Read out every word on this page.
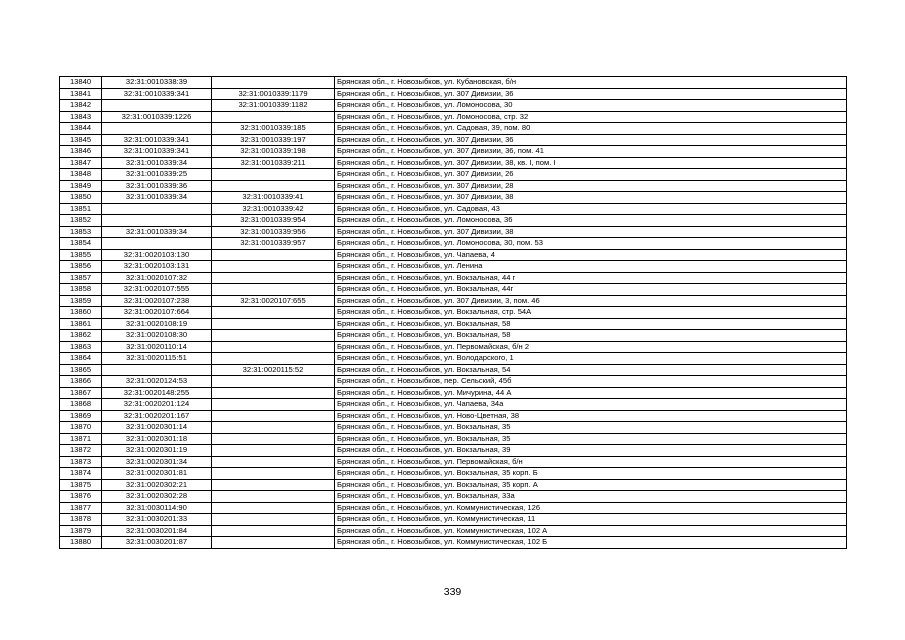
13840	32:31:0010338:39		Брянская обл., г. Новозыбков, ул. Кубановская, б/н
13841	32:31:0010339:341	32:31:0010339:1179	Брянская обл., г. Новозыбков, ул. 307 Дивизии, 36
13842		32:31:0010339:1182	Брянская обл., г. Новозыбков, ул. Ломоносова, 30
13843	32:31:0010339:1226		Брянская обл., г. Новозыбков, ул. Ломоносова, стр. 32
13844		32:31:0010339:185	Брянская обл., г. Новозыбков, ул. Садовая, 39, пом. 80
13845	32:31:0010339:341	32:31:0010339:197	Брянская обл., г. Новозыбков, ул. 307 Дивизии, 36
13846	32:31:0010339:341	32:31:0010339:198	Брянская обл., г. Новозыбков, ул. 307 Дивизии, 36, пом. 41
13847	32:31:0010339:34	32:31:0010339:211	Брянская обл., г. Новозыбков, ул. 307 Дивизии, 38, кв. I, пом. I
13848	32:31:0010339:25		Брянская обл., г. Новозыбков, ул. 307 Дивизии, 26
13849	32:31:0010339:36		Брянская обл., г. Новозыбков, ул. 307 Дивизии, 28
13850	32:31:0010339:34	32:31:0010339:41	Брянская обл., г. Новозыбков, ул. 307 Дивизии, 38
13851		32:31:0010339:42	Брянская обл., г. Новозыбков, ул. Садовая, 43
13852		32:31:0010339:954	Брянская обл., г. Новозыбков, ул. Ломоносова, 36
13853	32:31:0010339:34	32:31:0010339:956	Брянская обл., г. Новозыбков, ул. 307 Дивизии, 38
13854		32:31:0010339:957	Брянская обл., г. Новозыбков, ул. Ломоносова, 30, пом. 53
13855	32:31:0020103:130		Брянская обл., г. Новозыбков, ул. Чапаева, 4
13856	32:31:0020103:131		Брянская обл., г. Новозыбков, ул. Ленина
13857	32:31:0020107:32		Брянская обл., г. Новозыбков, ул. Вокзальная, 44 г
13858	32:31:0020107:555		Брянская обл., г. Новозыбков, ул. Вокзальная, 44г
13859	32:31:0020107:238	32:31:0020107:655	Брянская обл., г. Новозыбков, ул. 307 Дивизии, 3, пом. 46
13860	32:31:0020107:664		Брянская обл., г. Новозыбков, ул. Вокзальная, стр. 54А
13861	32:31:0020108:19		Брянская обл., г. Новозыбков, ул. Вокзальная, 58
13862	32:31:0020108:30		Брянская обл., г. Новозыбков, ул. Вокзальная, 58
13863	32:31:0020110:14		Брянская обл., г. Новозыбков, ул. Первомайская, б/н 2
13864	32:31:0020115:51		Брянская обл., г. Новозыбков, ул. Володарского, 1
13865		32:31:0020115:52	Брянская обл., г. Новозыбков, ул. Вокзальная, 54
13866	32:31:0020124:53		Брянская обл., г. Новозыбков, пер. Сельский, 45б
13867	32:31:0020148:255		Брянская обл., г. Новозыбков, ул. Мичурина, 44 А
13868	32:31:0020201:124		Брянская обл., г. Новозыбков, ул. Чапаева, 34а
13869	32:31:0020201:167		Брянская обл., г. Новозыбков, ул. Ново-Цветная, 38
13870	32:31:0020301:14		Брянская обл., г. Новозыбков, ул. Вокзальная, 35
13871	32:31:0020301:18		Брянская обл., г. Новозыбков, ул. Вокзальная, 35
13872	32:31:0020301:19		Брянская обл., г. Новозыбков, ул. Вокзальная, 39
13873	32:31:0020301:34		Брянская обл., г. Новозыбков, ул. Первомайская, б/н
13874	32:31:0020301:81		Брянская обл., г. Новозыбков, ул. Вокзальная, 35 корп. Б
13875	32:31:0020302:21		Брянская обл., г. Новозыбков, ул. Вокзальная, 35 корп. А
13876	32:31:0020302:28		Брянская обл., г. Новозыбков, ул. Вокзальная, 33а
13877	32:31:0030114:90		Брянская обл., г. Новозыбков, ул. Коммунистическая, 126
13878	32:31:0030201:33		Брянская обл., г. Новозыбков, ул. Коммунистическая, 11
13879	32:31:0030201:84		Брянская обл., г. Новозыбков, ул. Коммунистическая, 102 А
13880	32:31:0030201:87		Брянская обл., г. Новозыбков, ул. Коммунистическая, 102 Б
339
